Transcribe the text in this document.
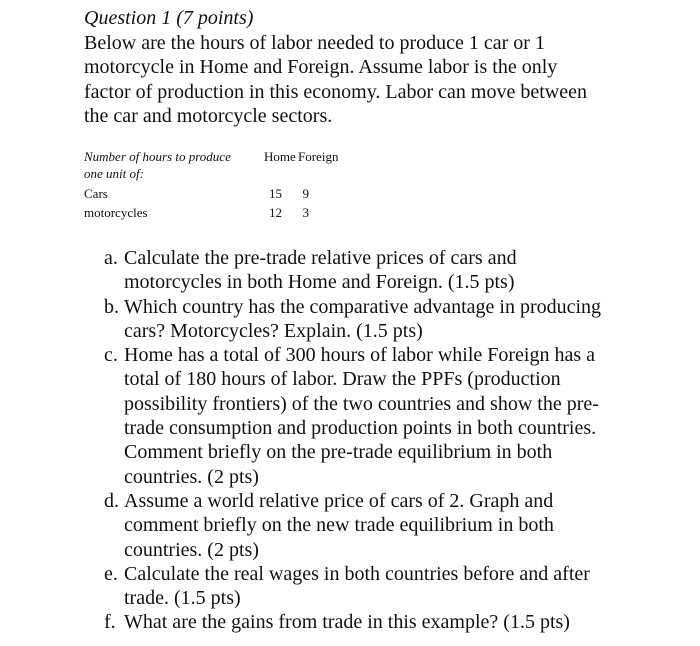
Question 1 (7 points)
Below are the hours of labor needed to produce 1 car or 1
motorcycle in Home and Foreign. Assume labor is the only
factor of production in this economy. Labor can move between
the car and motorcycle sectors.
Number of hours to produce
one unit of:
Home Foreign
Cars	15	9
motorcycles	12	3
a. Calculate the pre-trade relative prices of cars and
motorcycles in both Home and Foreign. (1.5 pts)
b. Which country has the comparative advantage in producing
cars? Motorcycles? Explain. (1.5 pts)
c. Home has a total of 300 hours of labor while Foreign has a
total of 180 hours of labor. Draw the PPFs (production
possibility frontiers) of the two countries and show the pre-
trade consumption and production points in both countries.
Comment briefly on the pre-trade equilibrium in both
countries. (2 pts)
d. Assume a world relative price of cars of 2. Graph and
comment briefly on the new trade equilibrium in both
countries. (2 pts)
e. Calculate the real wages in both countries before and after
trade. (1.5 pts)
f. What are the gains from trade in this example? (1.5 pts)
